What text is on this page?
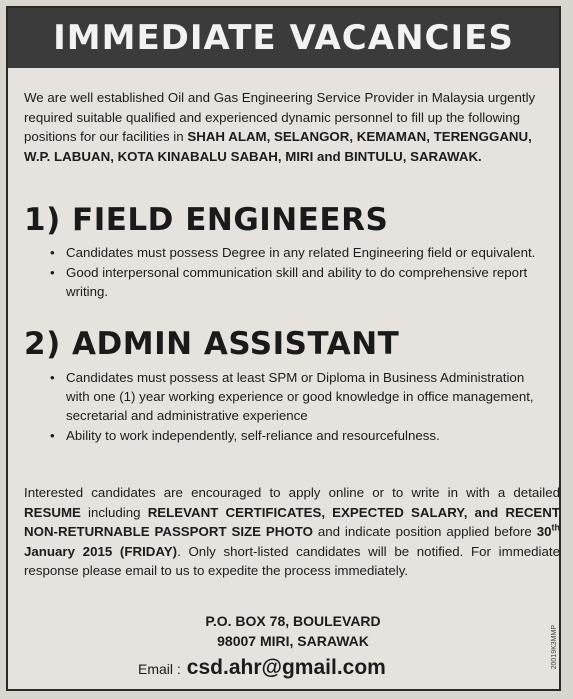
IMMEDIATE VACANCIES
We are well established Oil and Gas Engineering Service Provider in Malaysia urgently required suitable qualified and experienced dynamic personnel to fill up the following positions for our facilities in SHAH ALAM, SELANGOR, KEMAMAN, TERENGGANU, W.P. LABUAN, KOTA KINABALU SABAH, MIRI and BINTULU, SARAWAK.
1) FIELD ENGINEERS
• Candidates must possess Degree in any related Engineering field or equivalent.
• Good interpersonal communication skill and ability to do comprehensive report writing.
2) ADMIN ASSISTANT
• Candidates must possess at least SPM or Diploma in Business Administration with one (1) year working experience or good knowledge in office management, secretarial and administrative experience
• Ability to work independently, self-reliance and resourcefulness.
Interested candidates are encouraged to apply online or to write in with a detailed RESUME including RELEVANT CERTIFICATES, EXPECTED SALARY, and RECENT NON-RETURNABLE PASSPORT SIZE PHOTO and indicate position applied before 30th January 2015 (FRIDAY). Only short-listed candidates will be notified. For immediate response please email to us to expedite the process immediately.
P.O. BOX 78, BOULEVARD
98007 MIRI, SARAWAK
Email : csd.ahr@gmail.com	20019K3MMP
